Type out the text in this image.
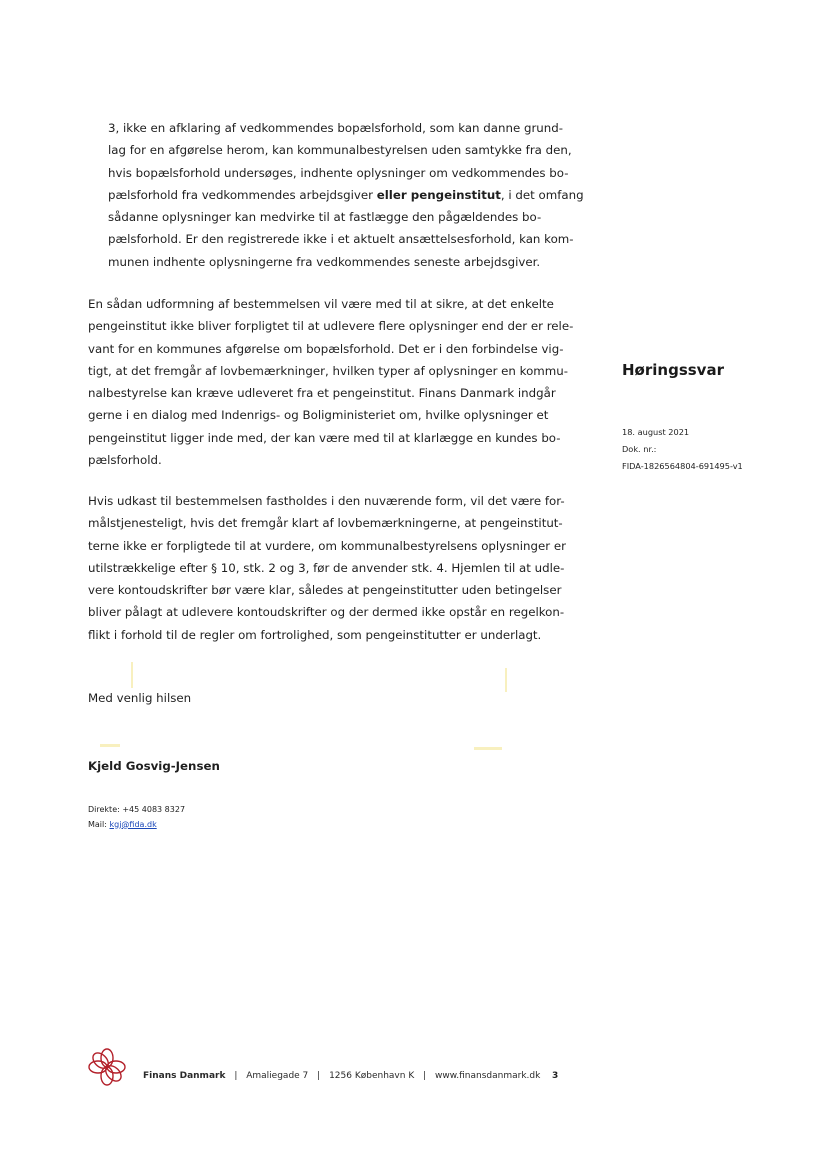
3, ikke en afklaring af vedkommendes bopælsforhold, som kan danne grund-
lag for en afgørelse herom, kan kommunalbestyrelsen uden samtykke fra den,
hvis bopælsforhold undersøges, indhente oplysninger om vedkommendes bo-
pælsforhold fra vedkommendes arbejdsgiver eller pengeinstitut, i det omfang
sådanne oplysninger kan medvirke til at fastlægge den pågældendes bo-
pælsforhold. Er den registrerede ikke i et aktuelt ansættelsesforhold, kan kom-
munen indhente oplysningerne fra vedkommendes seneste arbejdsgiver.
En sådan udformning af bestemmelsen vil være med til at sikre, at det enkelte
pengeinstitut ikke bliver forpligtet til at udlevere flere oplysninger end der er rele-
vant for en kommunes afgørelse om bopælsforhold. Det er i den forbindelse vig-
tigt, at det fremgår af lovbemærkninger, hvilken typer af oplysninger en kommu-
nalbestyrelse kan kræve udleveret fra et pengeinstitut. Finans Danmark indgår
gerne i en dialog med Indenrigs- og Boligministeriet om, hvilke oplysninger et
pengeinstitut ligger inde med, der kan være med til at klarlægge en kundes bo-
pælsforhold.
Hvis udkast til bestemmelsen fastholdes i den nuværende form, vil det være for-
målstjenesteligt, hvis det fremgår klart af lovbemærkningerne, at pengeinstitut-
terne ikke er forpligtede til at vurdere, om kommunalbestyrelsens oplysninger er
utilstrækkelige efter § 10, stk. 2 og 3, før de anvender stk. 4. Hjemlen til at udle-
vere kontoudskrifter bør være klar, således at pengeinstitutter uden betingelser
bliver pålagt at udlevere kontoudskrifter og der dermed ikke opstår en regelkon-
flikt i forhold til de regler om fortrolighed, som pengeinstitutter er underlagt.
Med venlig hilsen
Kjeld Gosvig-Jensen
Direkte: +45 4083 8327
Mail: kgj@fida.dk
Høringssvar
18. august 2021
Dok. nr.:
FIDA-1826564804-691495-v1
Finans Danmark | Amaliegade 7 | 1256 København K | www.finansdanmark.dk 3
